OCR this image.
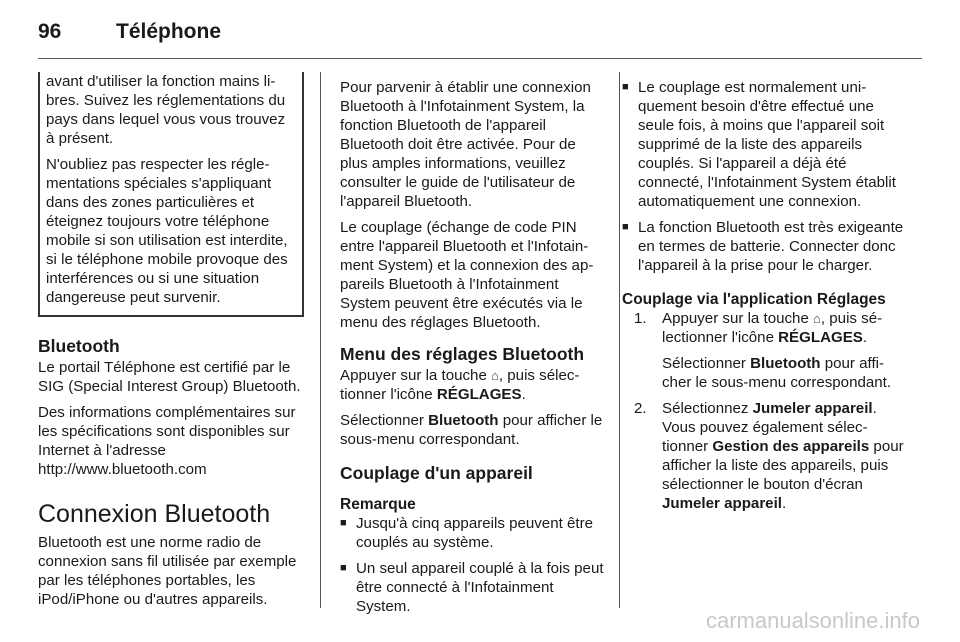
96	Téléphone

avant d'utiliser la fonction mains libres. Suivez les réglementations du pays dans lequel vous vous trouvez à présent.

N'oubliez pas respecter les réglementations spéciales s'appliquant dans des zones particulières et éteignez toujours votre téléphone mobile si son utilisation est interdite, si le téléphone mobile provoque des interférences ou si une situation dangereuse peut survenir.

Bluetooth

Le portail Téléphone est certifié par le SIG (Special Interest Group) Bluetooth.

Des informations complémentaires sur les spécifications sont disponibles sur Internet à l'adresse http://www.bluetooth.com

Connexion Bluetooth

Bluetooth est une norme radio de connexion sans fil utilisée par exemple par les téléphones portables, les iPod/iPhone ou d'autres appareils.

Pour parvenir à établir une connexion Bluetooth à l'Infotainment System, la fonction Bluetooth de l'appareil Bluetooth doit être activée. Pour de plus amples informations, veuillez consulter le guide de l'utilisateur de l'appareil Bluetooth.

Le couplage (échange de code PIN entre l'appareil Bluetooth et l'Infotainment System) et la connexion des appareils Bluetooth à l'Infotainment System peuvent être exécutés via le menu des réglages Bluetooth.

Menu des réglages Bluetooth

Appuyer sur la touche ⌂, puis sélectionner l'icône RÉGLAGES.

Sélectionner Bluetooth pour afficher le sous-menu correspondant.

Couplage d'un appareil

Remarque

■ Jusqu'à cinq appareils peuvent être couplés au système.

■ Un seul appareil couplé à la fois peut être connecté à l'Infotainment System.

■ Le couplage est normalement uniquement besoin d'être effectué une seule fois, à moins que l'appareil soit supprimé de la liste des appareils couplés. Si l'appareil a déjà été connecté, l'Infotainment System établit automatiquement une connexion.

■ La fonction Bluetooth est très exigeante en termes de batterie. Connecter donc l'appareil à la prise pour le charger.

Couplage via l'application Réglages

1. Appuyer sur la touche ⌂, puis sélectionner l'icône RÉGLAGES.

Sélectionner Bluetooth pour afficher le sous-menu correspondant.

2. Sélectionnez Jumeler appareil. Vous pouvez également sélectionner Gestion des appareils pour afficher la liste des appareils, puis sélectionner le bouton d'écran Jumeler appareil.

carmanualsonline.info
